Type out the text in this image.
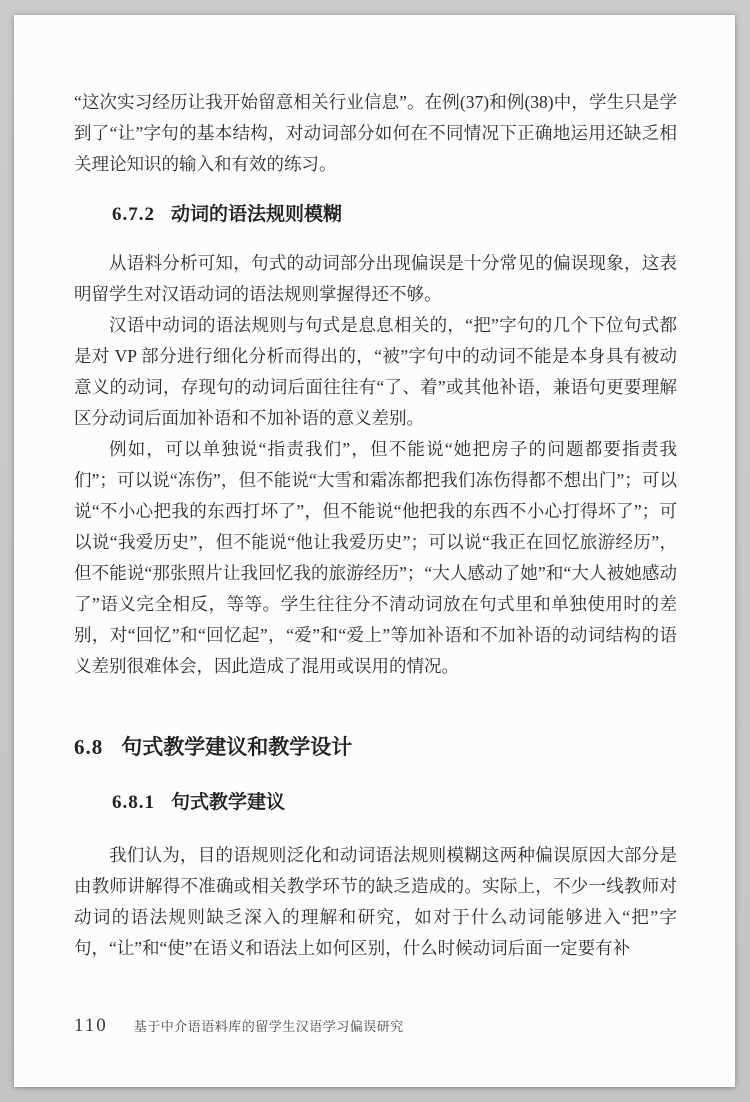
“这次实习经历让我开始留意相关行业信息”。在例(37)和例(38)中，学生只是学到了“让”字句的基本结构，对动词部分如何在不同情况下正确地运用还缺乏相关理论知识的输入和有效的练习。

6.7.2 动词的语法规则模糊

从语料分析可知，句式的动词部分出现偏误是十分常见的偏误现象，这表明留学生对汉语动词的语法规则掌握得还不够。

汉语中动词的语法规则与句式是息息相关的，“把”字句的几个下位句式都是对 VP 部分进行细化分析而得出的，“被”字句中的动词不能是本身具有被动意义的动词，存现句的动词后面往往有“了、着”或其他补语，兼语句更要理解区分动词后面加补语和不加补语的意义差别。

例如，可以单独说“指责我们”，但不能说“她把房子的问题都要指责我们”；可以说“冻伤”，但不能说“大雪和霜冻都把我们冻伤得都不想出门”；可以说“不小心把我的东西打坏了”，但不能说“他把我的东西不小心打得坏了”；可以说“我爱历史”，但不能说“他让我爱历史”；可以说“我正在回忆旅游经历”，但不能说“那张照片让我回忆我的旅游经历”；“大人感动了她”和“大人被她感动了”语义完全相反，等等。学生往往分不清动词放在句式里和单独使用时的差别，对“回忆”和“回忆起”，“爱”和“爱上”等加补语和不加补语的动词结构的语义差别很难体会，因此造成了混用或误用的情况。

6.8 句式教学建议和教学设计
6.8.1 句式教学建议

我们认为，目的语规则泛化和动词语法规则模糊这两种偏误原因大部分是由教师讲解得不准确或相关教学环节的缺乏造成的。实际上，不少一线教师对动词的语法规则缺乏深入的理解和研究，如对于什么动词能够进入“把”字句，“让”和“使”在语义和语法上如何区别，什么时候动词后面一定要有补

110 基于中介语语料库的留学生汉语学习偏误研究
